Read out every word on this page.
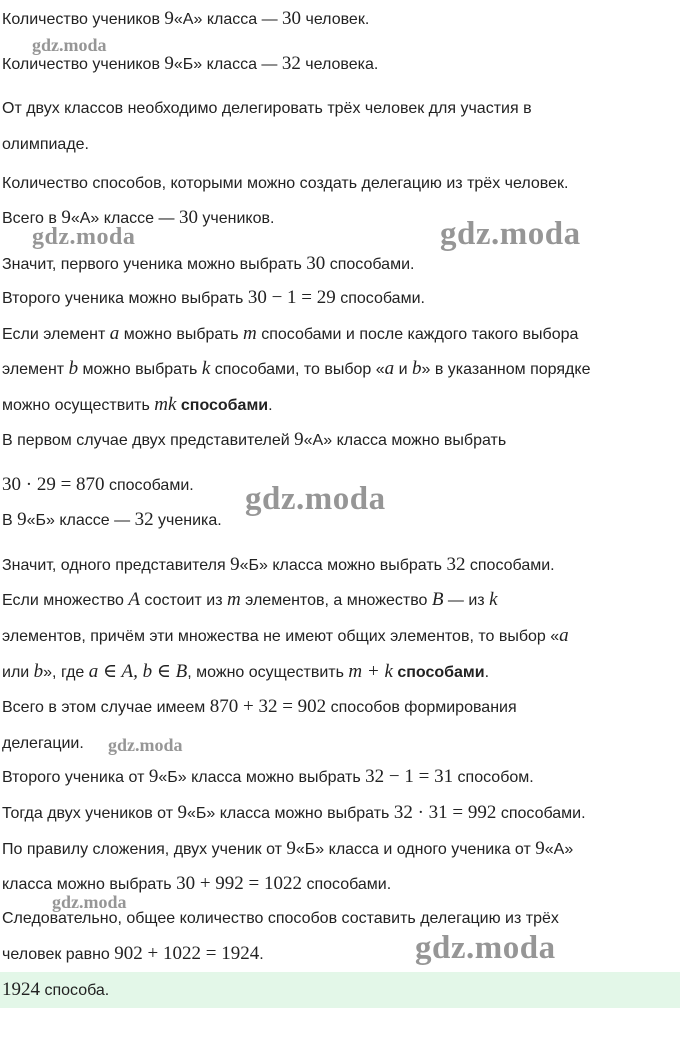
Количество учеников 9«А» класса — 30 человек.
Количество учеников 9«Б» класса — 32 человека.
От двух классов необходимо делегировать трёх человек для участия в
олимпиаде.
Количество способов, которыми можно создать делегацию из трёх человек.
Всего в 9«А» классе — 30 учеников.
Значит, первого ученика можно выбрать 30 способами.
Второго ученика можно выбрать 30 − 1 = 29 способами.
Если элемент a можно выбрать m способами и после каждого такого выбора
элемент b можно выбрать k способами, то выбор «a и b» в указанном порядке
можно осуществить mk способами.
В первом случае двух представителей 9«А» класса можно выбрать
30 · 29 = 870 способами.
В 9«Б» классе — 32 ученика.
Значит, одного представителя 9«Б» класса можно выбрать 32 способами.
Если множество A состоит из m элементов, а множество B — из k
элементов, причём эти множества не имеют общих элементов, то выбор «a
или b», где a ∈ A, b ∈ B, можно осуществить m + k способами.
Всего в этом случае имеем 870 + 32 = 902 способов формирования
делегации.
Второго ученика от 9«Б» класса можно выбрать 32 − 1 = 31 способом.
Тогда двух учеников от 9«Б» класса можно выбрать 32 · 31 = 992 способами.
По правилу сложения, двух ученик от 9«Б» класса и одного ученика от 9«А»
класса можно выбрать 30 + 992 = 1022 способами.
Следовательно, общее количество способов составить делегацию из трёх
человек равно 902 + 1022 = 1924.
1924 способа.
gdz.moda
gdz.moda	gdz.moda
gdz.moda
gdz.moda
gdz.moda
gdz.moda
